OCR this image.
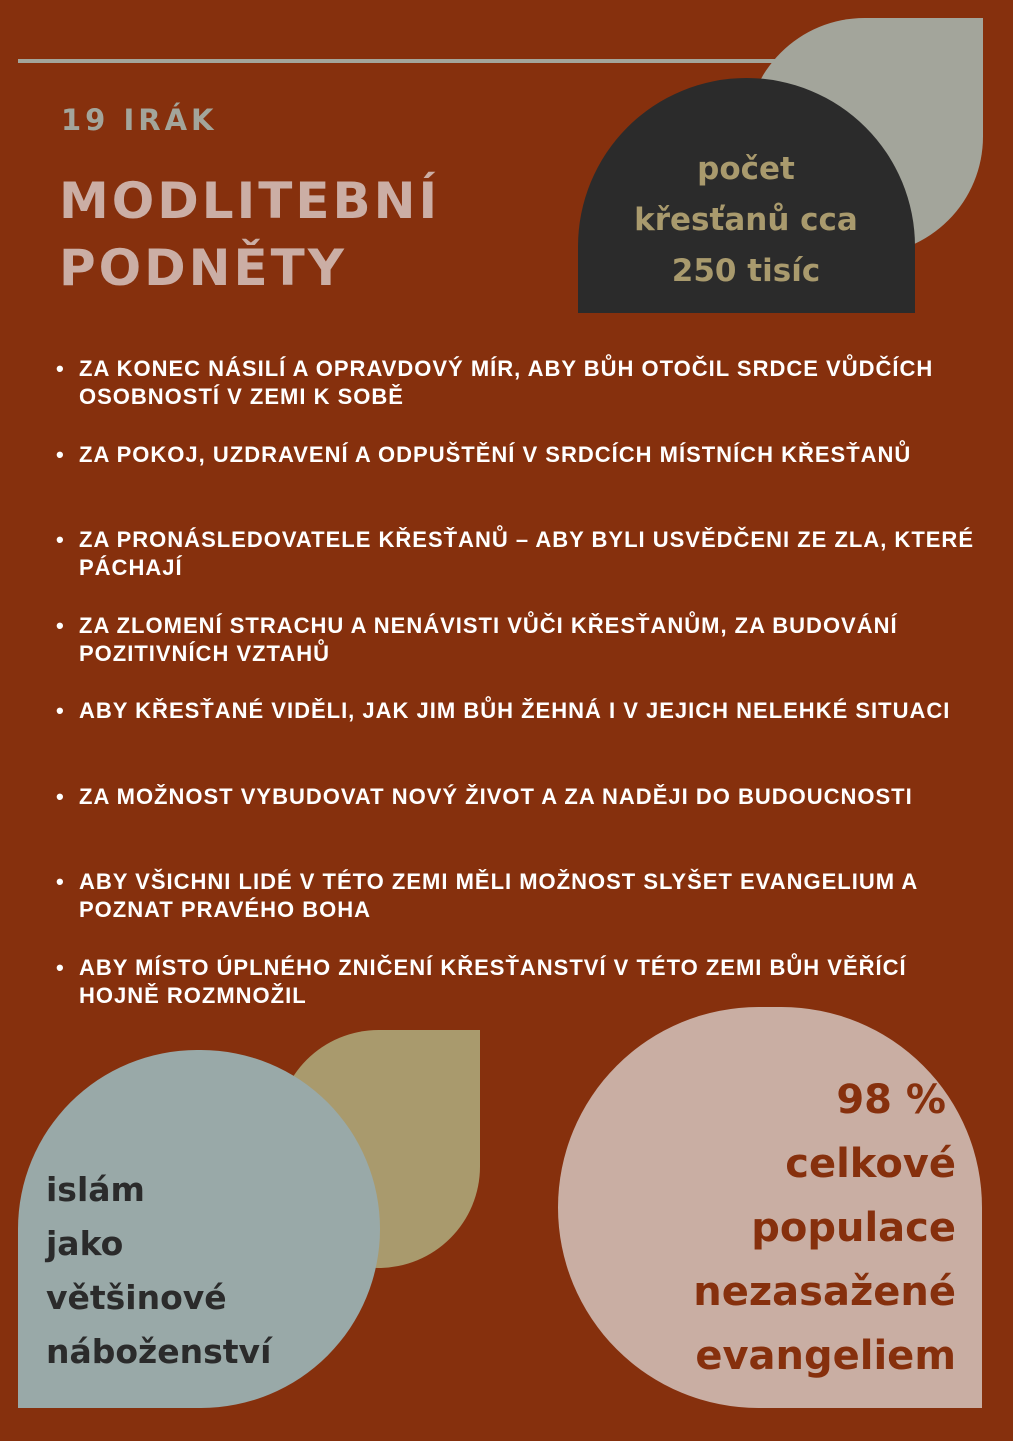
19 IRÁK
MODLITEBNÍ
PODNĚTY
počet
křesťanů cca
250 tisíc
• ZA KONEC NÁSILÍ A OPRAVDOVÝ MÍR, ABY BŮH OTOČIL SRDCE VŮDČÍCH OSOBNOSTÍ V ZEMI K SOBĚ
• ZA POKOJ, UZDRAVENÍ A ODPUŠTĚNÍ V SRDCÍCH MÍSTNÍCH KŘESŤANŮ
• ZA PRONÁSLEDOVATELE KŘESŤANŮ – ABY BYLI USVĚDČENI ZE ZLA, KTERÉ PÁCHAJÍ
• ZA ZLOMENÍ STRACHU A NENÁVISTI VŮČI KŘESŤANŮM, ZA BUDOVÁNÍ POZITIVNÍCH VZTAHŮ
• ABY KŘESŤANÉ VIDĚLI, JAK JIM BŮH ŽEHNÁ I V JEJICH NELEHKÉ SITUACI
• ZA MOŽNOST VYBUDOVAT NOVÝ ŽIVOT A ZA NADĚJI DO BUDOUCNOSTI
• ABY VŠICHNI LIDÉ V TÉTO ZEMI MĚLI MOŽNOST SLYŠET EVANGELIUM A POZNAT PRAVÉHO BOHA
• ABY MÍSTO ÚPLNÉHO ZNIČENÍ KŘESŤANSTVÍ V TÉTO ZEMI BŮH VĚŘÍCÍ HOJNĚ ROZMNOŽIL
islám
jako
většinové
náboženství
98 %
celkové
populace
nezasažené
evangeliem
